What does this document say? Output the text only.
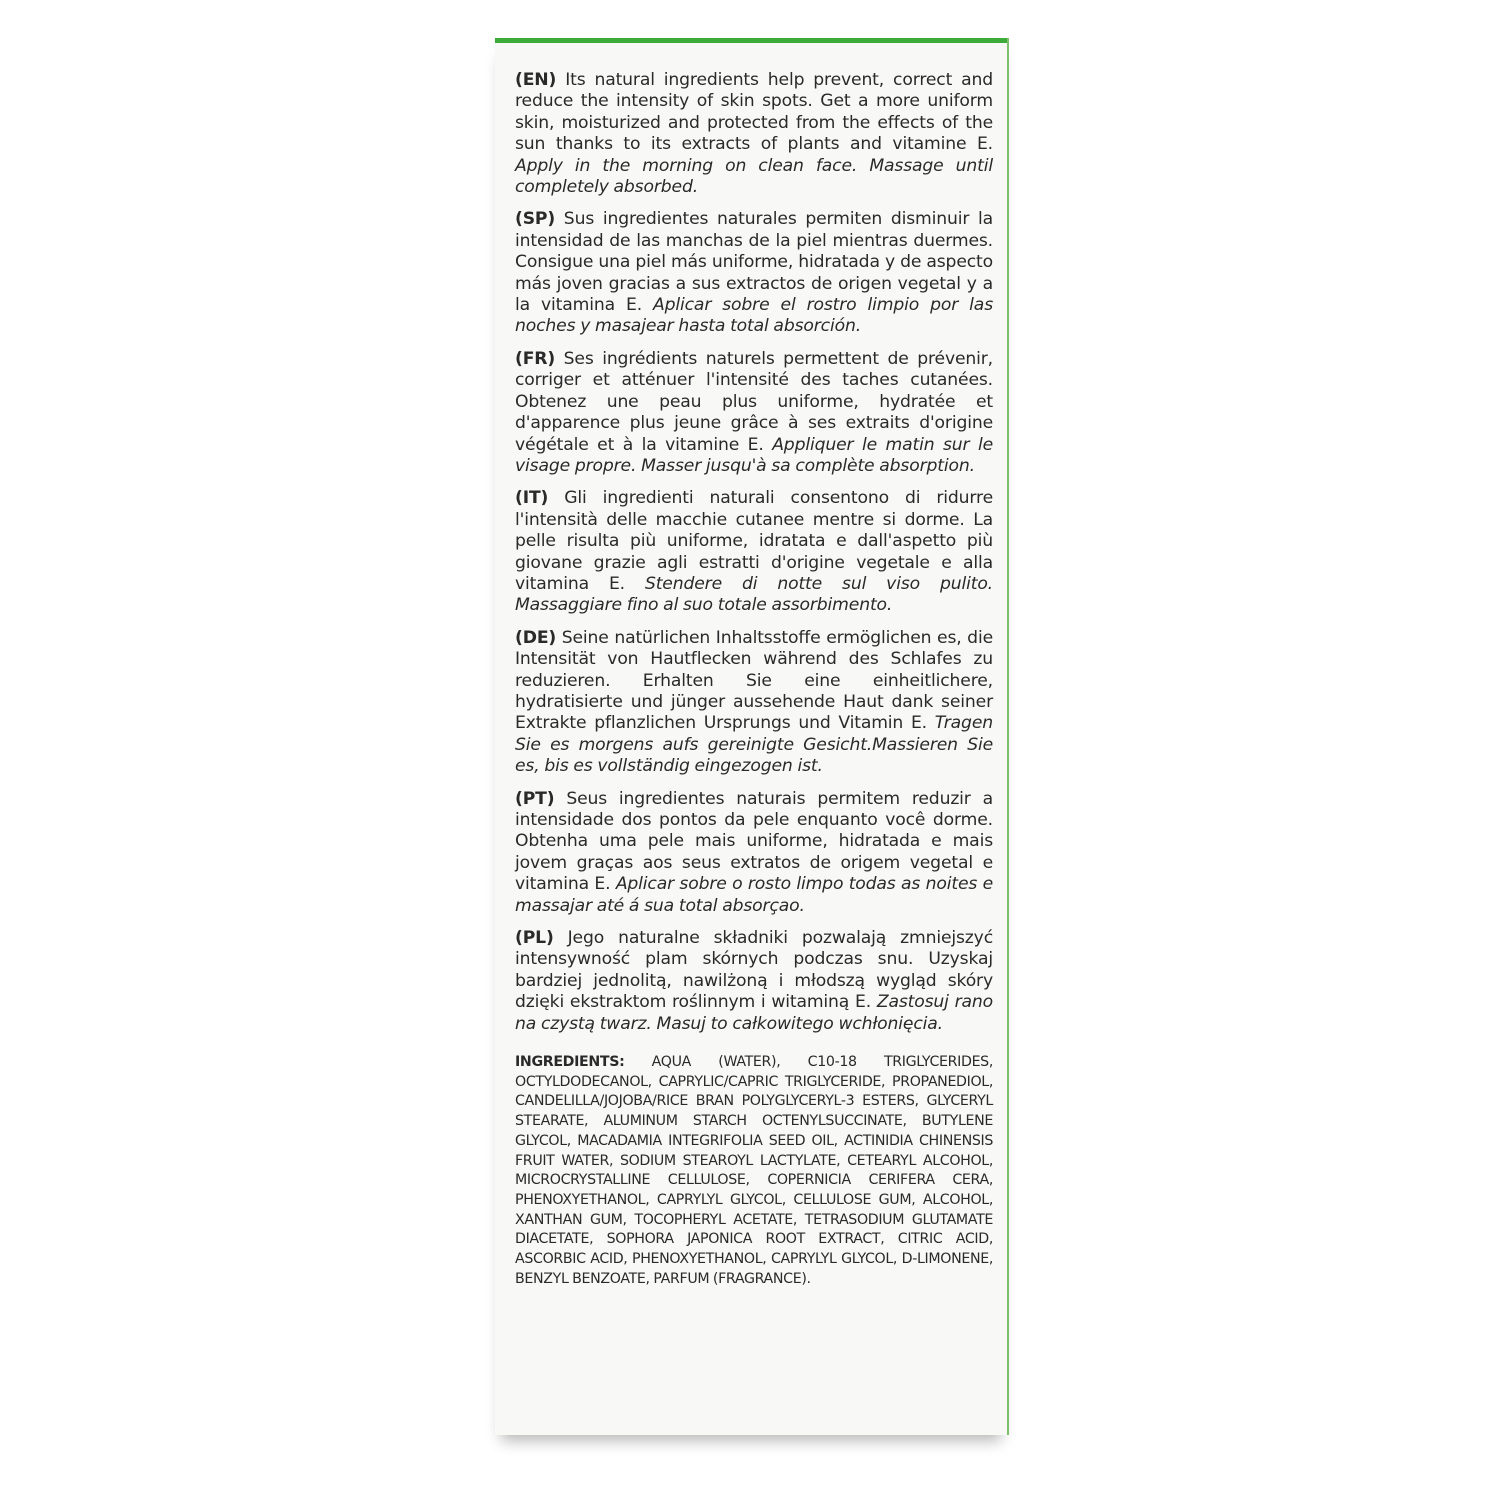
(EN) Its natural ingredients help prevent, correct and reduce the intensity of skin spots. Get a more uniform skin, moisturized and protected from the effects of the sun thanks to its extracts of plants and vitamine E. Apply in the morning on clean face. Massage until completely absorbed.

(SP) Sus ingredientes naturales permiten disminuir la intensidad de las manchas de la piel mientras duermes. Consigue una piel más uniforme, hidratada y de aspecto más joven gracias a sus extractos de origen vegetal y a la vitamina E. Aplicar sobre el rostro limpio por las noches y masajear hasta total absorción.

(FR) Ses ingrédients naturels permettent de prévenir, corriger et atténuer l'intensité des taches cutanées. Obtenez une peau plus uniforme, hydratée et d'apparence plus jeune grâce à ses extraits d'origine végétale et à la vitamine E. Appliquer le matin sur le visage propre. Masser jusqu'à sa complète absorption.

(IT) Gli ingredienti naturali consentono di ridurre l'intensità delle macchie cutanee mentre si dorme. La pelle risulta più uniforme, idratata e dall'aspetto più giovane grazie agli estratti d'origine vegetale e alla vitamina E. Stendere di notte sul viso pulito. Massaggiare fino al suo totale assorbimento.

(DE) Seine natürlichen Inhaltsstoffe ermöglichen es, die Intensität von Hautflecken während des Schlafes zu reduzieren. Erhalten Sie eine einheitlichere, hydratisierte und jünger aussehende Haut dank seiner Extrakte pflanzlichen Ursprungs und Vitamin E. Tragen Sie es morgens aufs gereinigte Gesicht.Massieren Sie es, bis es vollständig eingezogen ist.

(PT) Seus ingredientes naturais permitem reduzir a intensidade dos pontos da pele enquanto você dorme. Obtenha uma pele mais uniforme, hidratada e mais jovem graças aos seus extratos de origem vegetal e vitamina E. Aplicar sobre o rosto limpo todas as noites e massajar até á sua total absorçao.

(PL) Jego naturalne składniki pozwalają zmniejszyć intensywność plam skórnych podczas snu. Uzyskaj bardziej jednolitą, nawilżoną i młodszą wygląd skóry dzięki ekstraktom roślinnym i witaminą E. Zastosuj rano na czystą twarz. Masuj to całkowitego wchłonięcia.

INGREDIENTS: AQUA (WATER), C10-18 TRIGLYCERIDES, OCTYLDODECANOL, CAPRYLIC/CAPRIC TRIGLYCERIDE, PROPANEDIOL, CANDELILLA/JOJOBA/RICE BRAN POLYGLYCERYL-3 ESTERS, GLYCERYL STEARATE, ALUMINUM STARCH OCTENYLSUCCINATE, BUTYLENE GLYCOL, MACADAMIA INTEGRIFOLIA SEED OIL, ACTINIDIA CHINENSIS FRUIT WATER, SODIUM STEAROYL LACTYLATE, CETEARYL ALCOHOL, MICROCRYSTALLINE CELLULOSE, COPERNICIA CERIFERA CERA, PHENOXYETHANOL, CAPRYLYL GLYCOL, CELLULOSE GUM, ALCOHOL, XANTHAN GUM, TOCOPHERYL ACETATE, TETRASODIUM GLUTAMATE DIACETATE, SOPHORA JAPONICA ROOT EXTRACT, CITRIC ACID, ASCORBIC ACID, PHENOXYETHANOL, CAPRYLYL GLYCOL, D-LIMONENE, BENZYL BENZOATE, PARFUM (FRAGRANCE).
